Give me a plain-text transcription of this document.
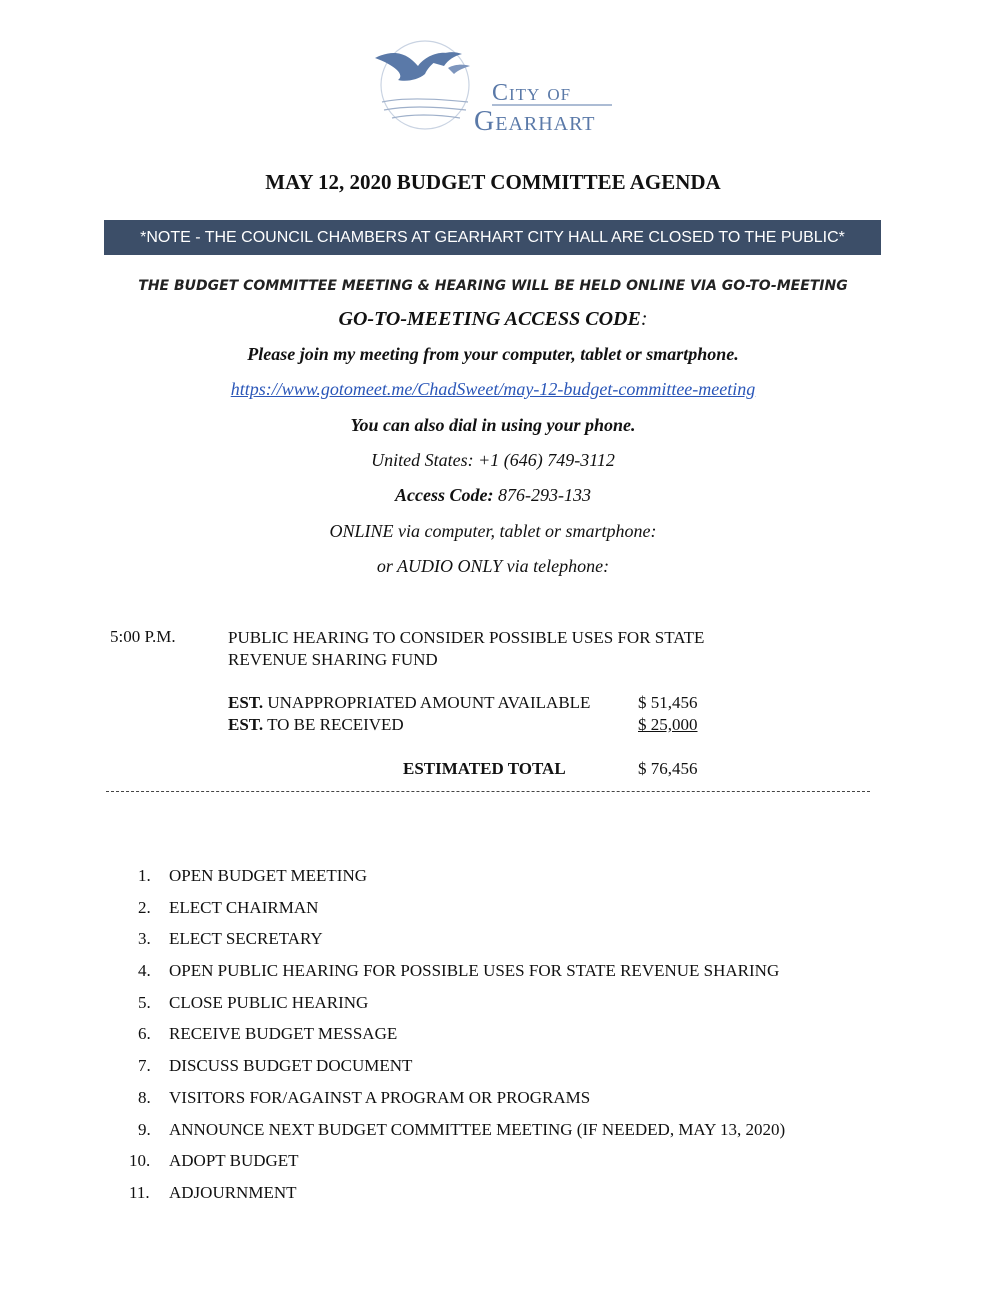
City of
Gearhart
MAY 12, 2020 BUDGET COMMITTEE AGENDA
*NOTE - THE COUNCIL CHAMBERS AT GEARHART CITY HALL ARE CLOSED TO THE PUBLIC*
THE BUDGET COMMITTEE MEETING & HEARING WILL BE HELD ONLINE VIA GO-TO-MEETING
GO-TO-MEETING ACCESS CODE:
Please join my meeting from your computer, tablet or smartphone.
https://www.gotomeet.me/ChadSweet/may-12-budget-committee-meeting
You can also dial in using your phone.
United States: +1 (646) 749-3112
Access Code: 876-293-133
ONLINE via computer, tablet or smartphone:
or AUDIO ONLY via telephone:
5:00 P.M.	PUBLIC HEARING TO CONSIDER POSSIBLE USES FOR STATE
REVENUE SHARING FUND
EST. UNAPPROPRIATED AMOUNT AVAILABLE	$ 51,456
EST. TO BE RECEIVED	$ 25,000
ESTIMATED TOTAL	$ 76,456
1. OPEN BUDGET MEETING
2. ELECT CHAIRMAN
3. ELECT SECRETARY
4. OPEN PUBLIC HEARING FOR POSSIBLE USES FOR STATE REVENUE SHARING
5. CLOSE PUBLIC HEARING
6. RECEIVE BUDGET MESSAGE
7. DISCUSS BUDGET DOCUMENT
8. VISITORS FOR/AGAINST A PROGRAM OR PROGRAMS
9. ANNOUNCE NEXT BUDGET COMMITTEE MEETING (IF NEEDED, MAY 13, 2020)
10. ADOPT BUDGET
11. ADJOURNMENT
